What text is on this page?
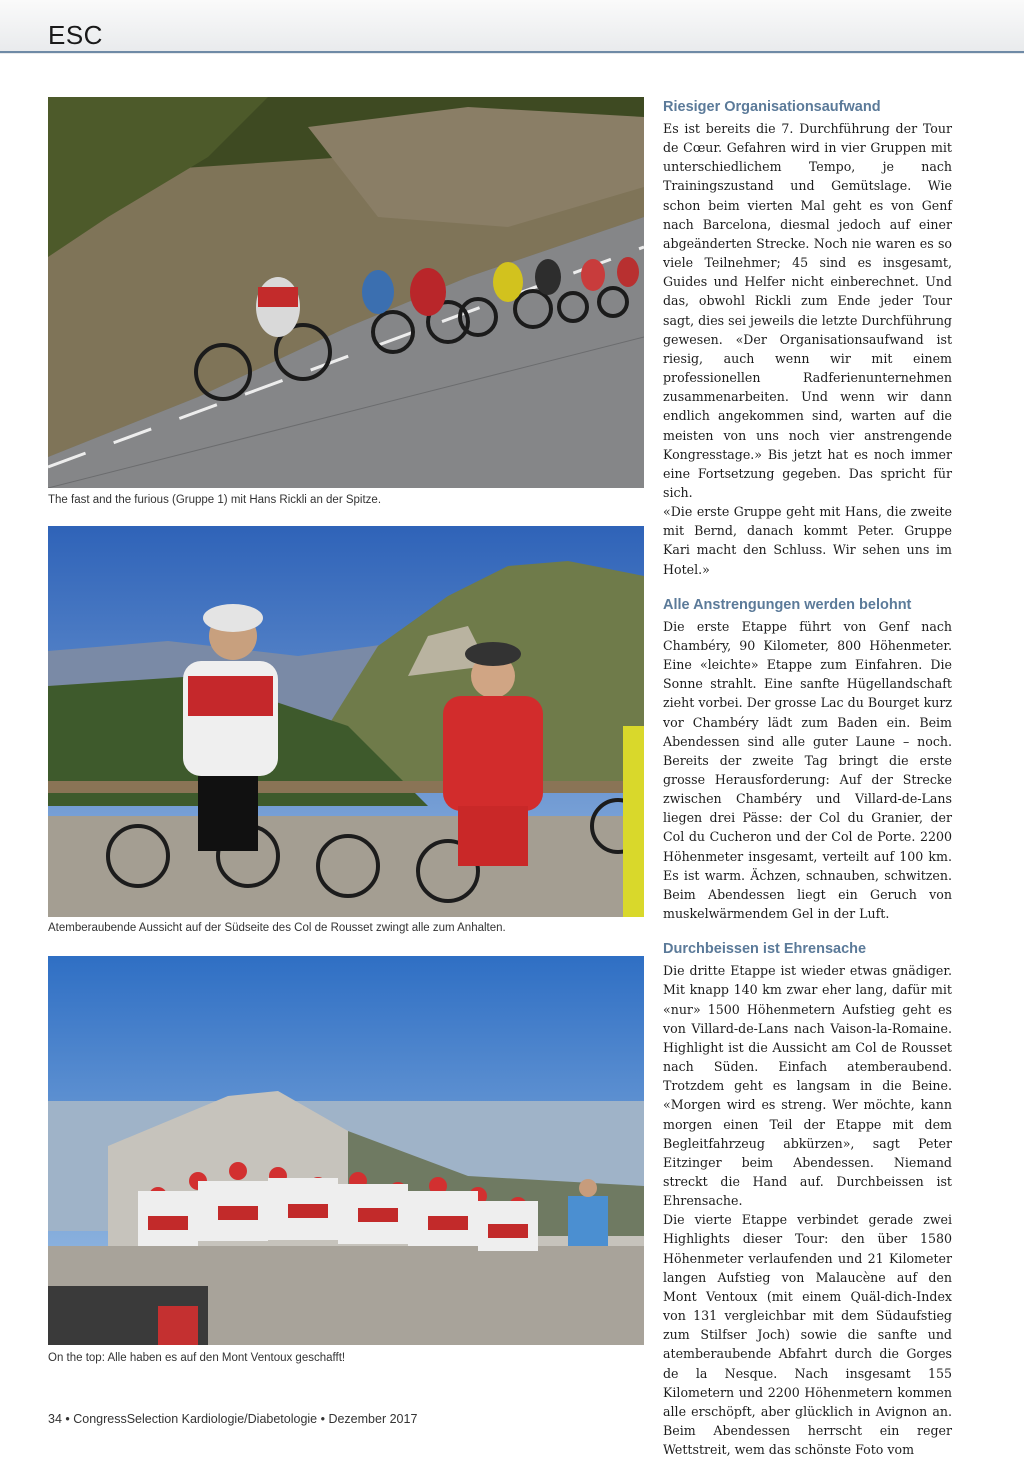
ESC
The fast and the furious (Gruppe 1) mit Hans Rickli an der Spitze.
Atemberaubende Aussicht auf der Südseite des Col de Rousset zwingt alle zum Anhalten.
On the top: Alle haben es auf den Mont Ventoux geschafft!
Riesiger Organisationsaufwand

Es ist bereits die 7. Durchführung der Tour de Cœur. Gefahren wird in vier Gruppen mit unterschiedlichem Tempo, je nach Trainingszustand und Gemütslage. Wie schon beim vierten Mal geht es von Genf nach Barcelona, diesmal jedoch auf einer abgeänderten Strecke. Noch nie waren es so viele Teilnehmer; 45 sind es insgesamt, Guides und Helfer nicht einberechnet. Und das, obwohl Rickli zum Ende jeder Tour sagt, dies sei jeweils die letzte Durchführung gewesen. «Der Organisationsaufwand ist riesig, auch wenn wir mit einem professionellen Radferienunternehmen zusammenarbeiten. Und wenn wir dann endlich angekommen sind, warten auf die meisten von uns noch vier anstrengende Kongresstage.» Bis jetzt hat es noch immer eine Fortsetzung gegeben. Das spricht für sich.

«Die erste Gruppe geht mit Hans, die zweite mit Bernd, danach kommt Peter. Gruppe Kari macht den Schluss. Wir sehen uns im Hotel.»

Alle Anstrengungen werden belohnt

Die erste Etappe führt von Genf nach Chambéry, 90 Kilometer, 800 Höhenmeter. Eine «leichte» Etappe zum Einfahren. Die Sonne strahlt. Eine sanfte Hügellandschaft zieht vorbei. Der grosse Lac du Bourget kurz vor Chambéry lädt zum Baden ein. Beim Abendessen sind alle guter Laune – noch. Bereits der zweite Tag bringt die erste grosse Herausforderung: Auf der Strecke zwischen Chambéry und Villard-de-Lans liegen drei Pässe: der Col du Granier, der Col du Cucheron und der Col de Porte. 2200 Höhenmeter insgesamt, verteilt auf 100 km. Es ist warm. Ächzen, schnauben, schwitzen. Beim Abendessen liegt ein Geruch von muskelwärmendem Gel in der Luft.

Durchbeissen ist Ehrensache

Die dritte Etappe ist wieder etwas gnädiger. Mit knapp 140 km zwar eher lang, dafür mit «nur» 1500 Höhenmetern Aufstieg geht es von Villard-de-Lans nach Vaison-la-Romaine. Highlight ist die Aussicht am Col de Rousset nach Süden. Einfach atemberaubend. Trotzdem geht es langsam in die Beine. «Morgen wird es streng. Wer möchte, kann morgen einen Teil der Etappe mit dem Begleitfahrzeug abkürzen», sagt Peter Eitzinger beim Abendessen. Niemand streckt die Hand auf. Durchbeissen ist Ehrensache.

Die vierte Etappe verbindet gerade zwei Highlights dieser Tour: den über 1580 Höhenmeter verlaufenden und 21 Kilometer langen Aufstieg von Malaucène auf den Mont Ventoux (mit einem Quäl-dich-Index von 131 vergleichbar mit dem Südaufstieg zum Stilfser Joch) sowie die sanfte und atemberaubende Abfahrt durch die Gorges de la Nesque. Nach insgesamt 155 Kilometern und 2200 Höhenmetern kommen alle erschöpft, aber glücklich in Avignon an. Beim Abendessen herrscht ein reger Wettstreit, wem das schönste Foto vom

34 • CongressSelection Kardiologie/Diabetologie • Dezember 2017
